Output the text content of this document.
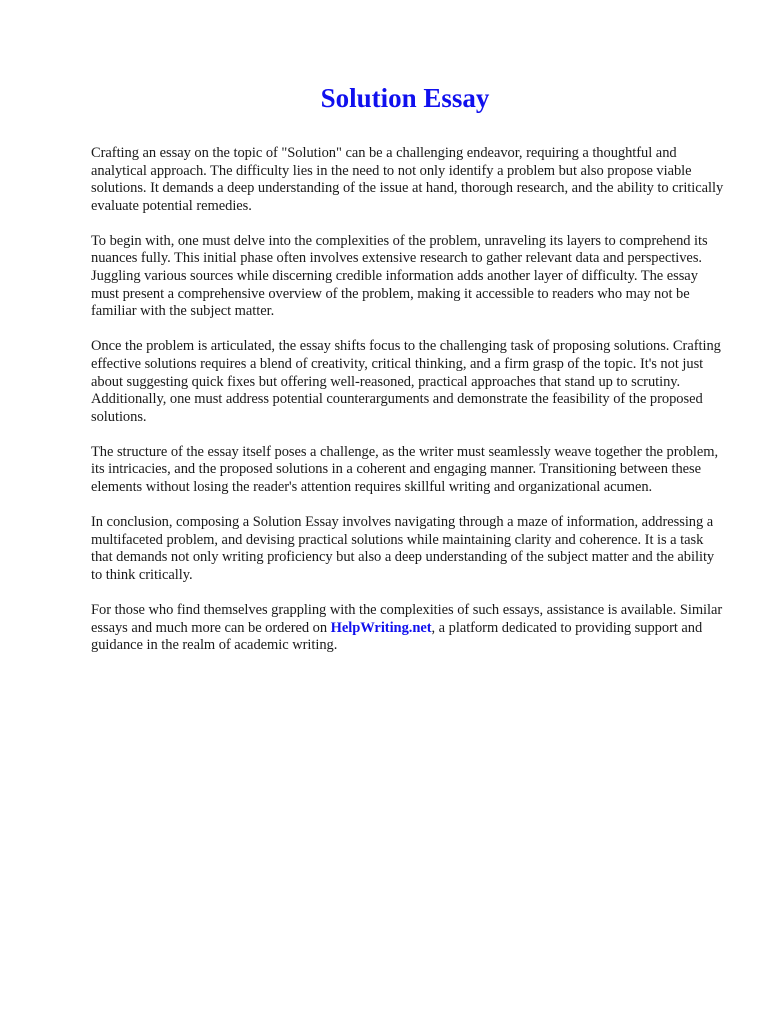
Solution Essay

Crafting an essay on the topic of "Solution" can be a challenging endeavor, requiring a thoughtful and analytical approach. The difficulty lies in the need to not only identify a problem but also propose viable solutions. It demands a deep understanding of the issue at hand, thorough research, and the ability to critically evaluate potential remedies.

To begin with, one must delve into the complexities of the problem, unraveling its layers to comprehend its nuances fully. This initial phase often involves extensive research to gather relevant data and perspectives. Juggling various sources while discerning credible information adds another layer of difficulty. The essay must present a comprehensive overview of the problem, making it accessible to readers who may not be familiar with the subject matter.

Once the problem is articulated, the essay shifts focus to the challenging task of proposing solutions. Crafting effective solutions requires a blend of creativity, critical thinking, and a firm grasp of the topic. It's not just about suggesting quick fixes but offering well-reasoned, practical approaches that stand up to scrutiny. Additionally, one must address potential counterarguments and demonstrate the feasibility of the proposed solutions.

The structure of the essay itself poses a challenge, as the writer must seamlessly weave together the problem, its intricacies, and the proposed solutions in a coherent and engaging manner. Transitioning between these elements without losing the reader's attention requires skillful writing and organizational acumen.

In conclusion, composing a Solution Essay involves navigating through a maze of information, addressing a multifaceted problem, and devising practical solutions while maintaining clarity and coherence. It is a task that demands not only writing proficiency but also a deep understanding of the subject matter and the ability to think critically.

For those who find themselves grappling with the complexities of such essays, assistance is available. Similar essays and much more can be ordered on HelpWriting.net, a platform dedicated to providing support and guidance in the realm of academic writing.
